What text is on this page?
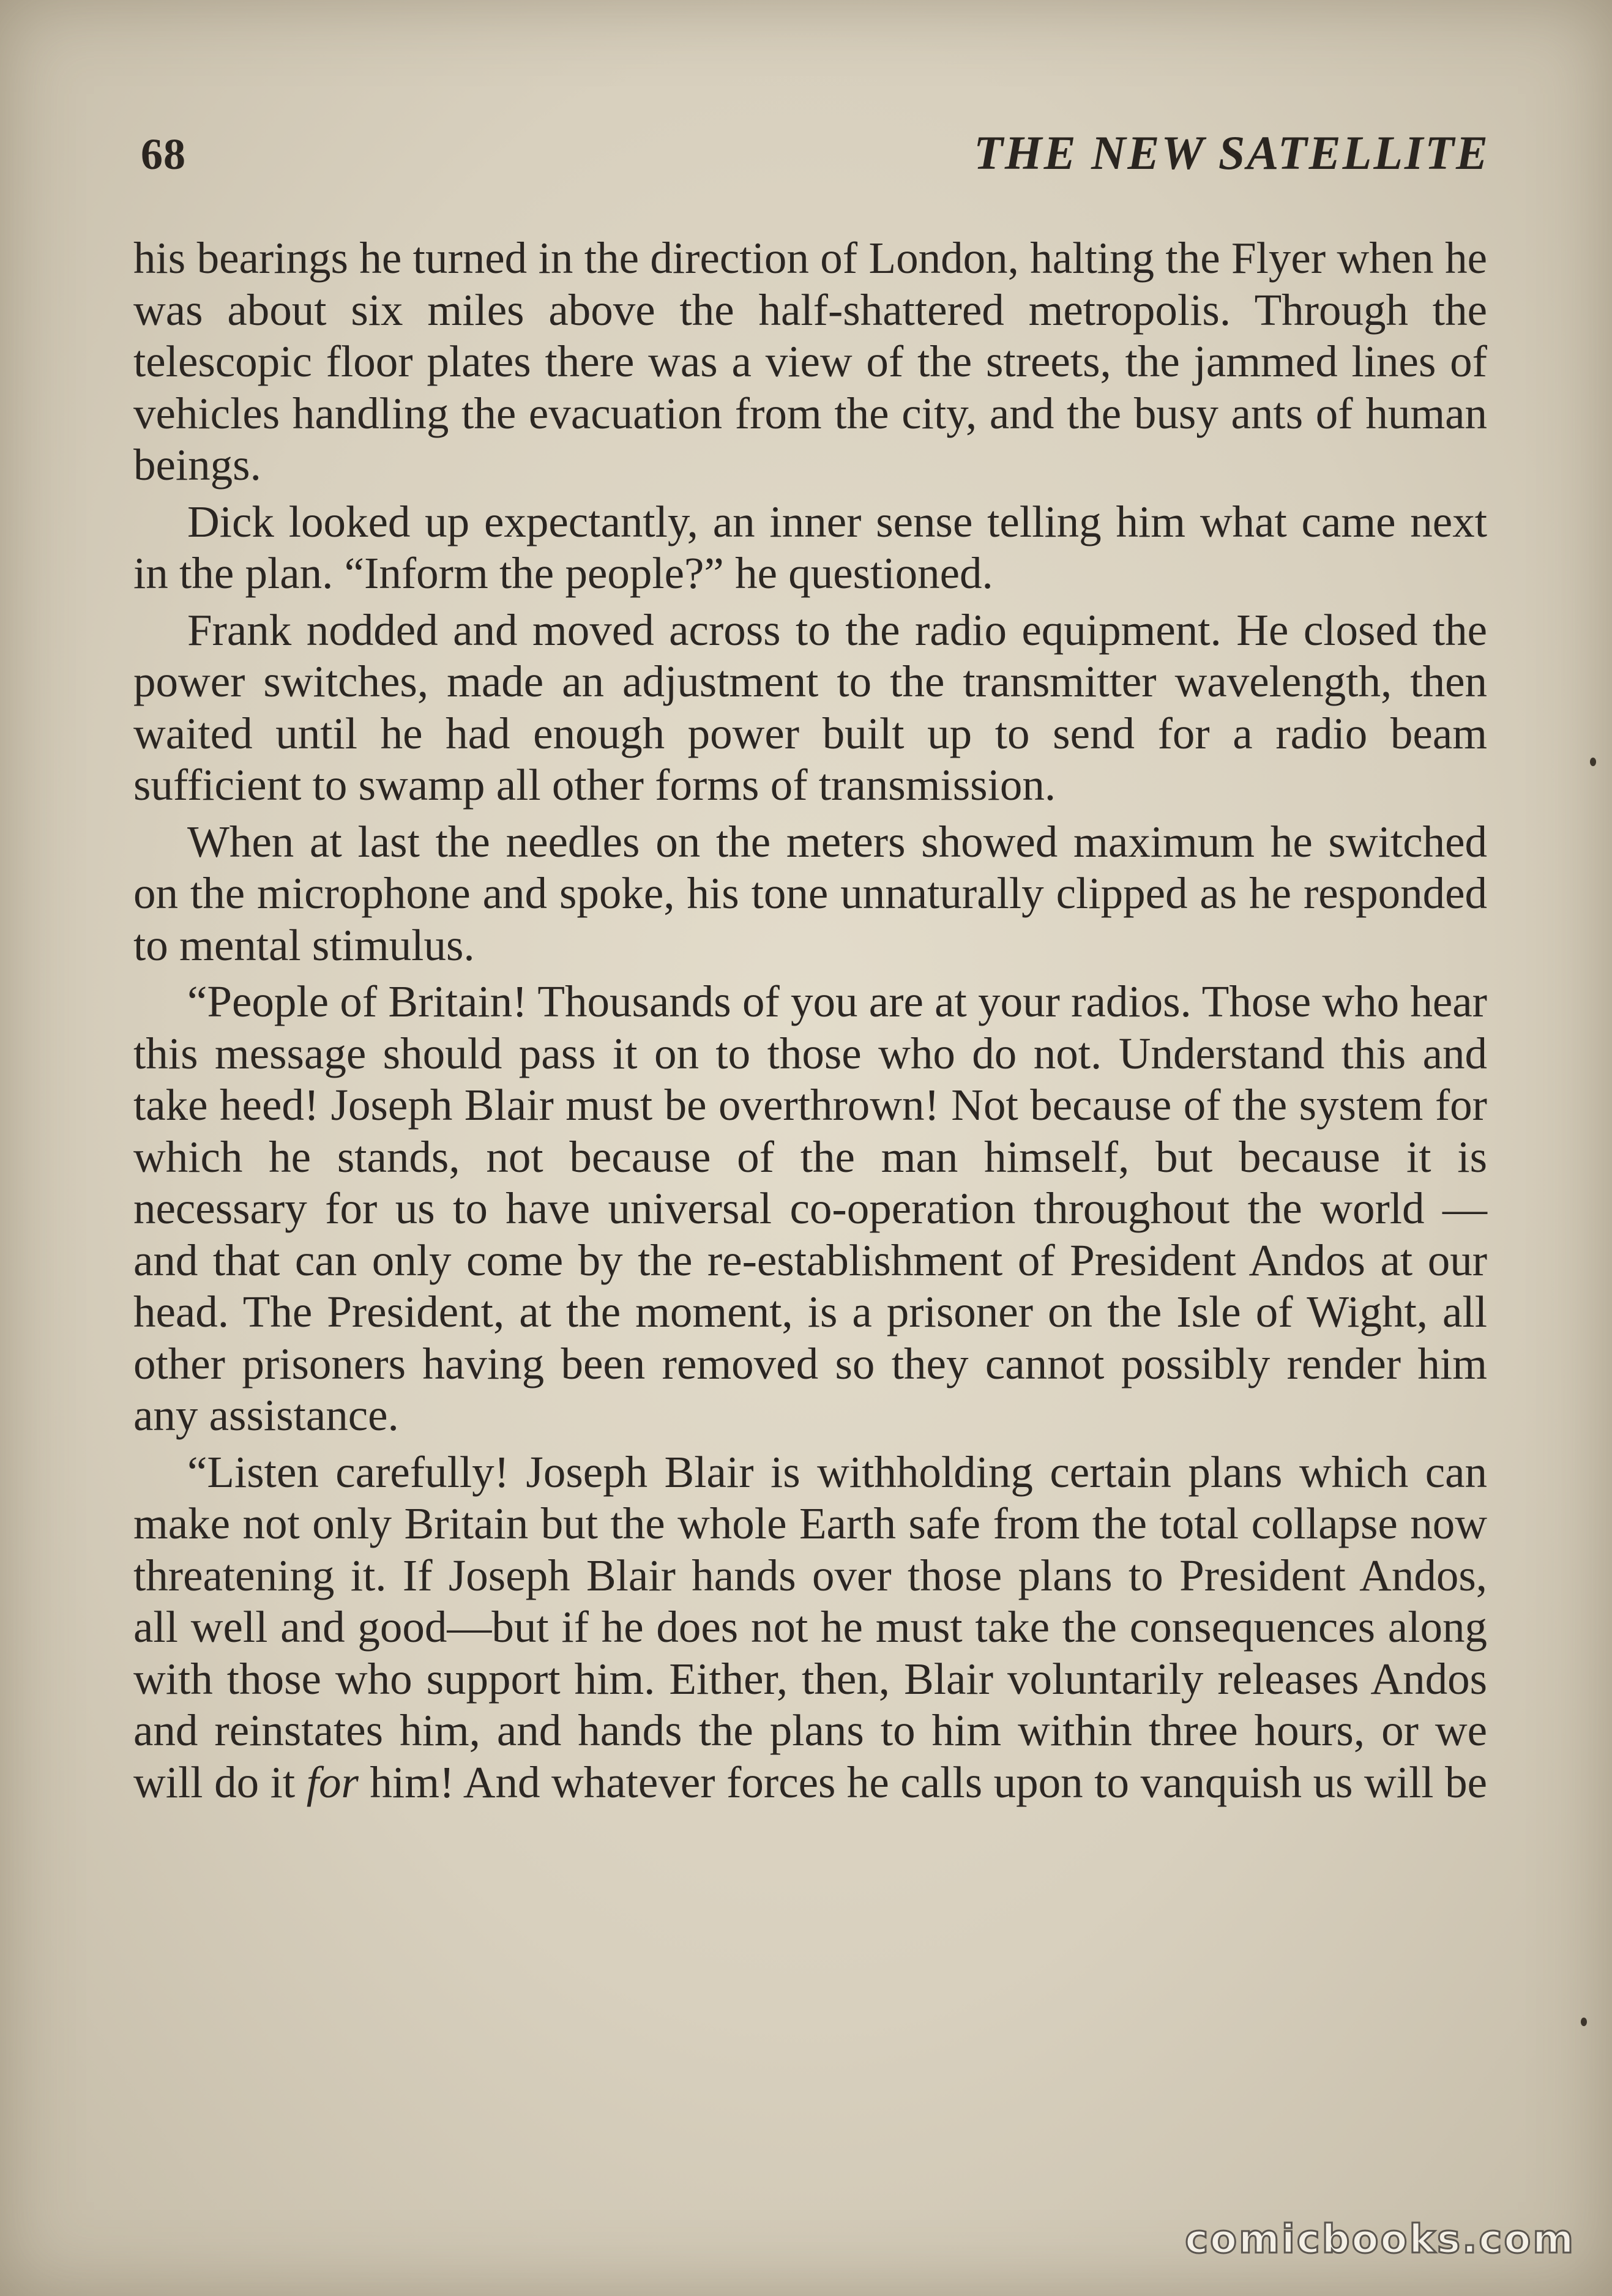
68	THE NEW SATELLITE

his bearings he turned in the direction of London, halting the Flyer when he was about six miles above the half-shattered metropolis. Through the telescopic floor plates there was a view of the streets, the jammed lines of vehicles handling the evacuation from the city, and the busy ants of human beings.

Dick looked up expectantly, an inner sense telling him what came next in the plan. “Inform the people?” he questioned.

Frank nodded and moved across to the radio equipment. He closed the power switches, made an adjustment to the transmitter wavelength, then waited until he had enough power built up to send for a radio beam sufficient to swamp all other forms of transmission.

When at last the needles on the meters showed maximum he switched on the microphone and spoke, his tone unnaturally clipped as he responded to mental stimulus.

“People of Britain! Thousands of you are at your radios. Those who hear this message should pass it on to those who do not. Understand this and take heed! Joseph Blair must be overthrown! Not because of the system for which he stands, not because of the man himself, but because it is necessary for us to have universal co-operation throughout the world — and that can only come by the re-establishment of President Andos at our head. The President, at the moment, is a prisoner on the Isle of Wight, all other prisoners having been removed so they cannot possibly render him any assistance.

“Listen carefully! Joseph Blair is withholding certain plans which can make not only Britain but the whole Earth safe from the total collapse now threatening it. If Joseph Blair hands over those plans to President Andos, all well and good—but if he does not he must take the consequences along with those who support him. Either, then, Blair voluntarily releases Andos and reinstates him, and hands the plans to him within three hours, or we will do it for him! And whatever forces he calls upon to vanquish us will be

comicbooks.com
